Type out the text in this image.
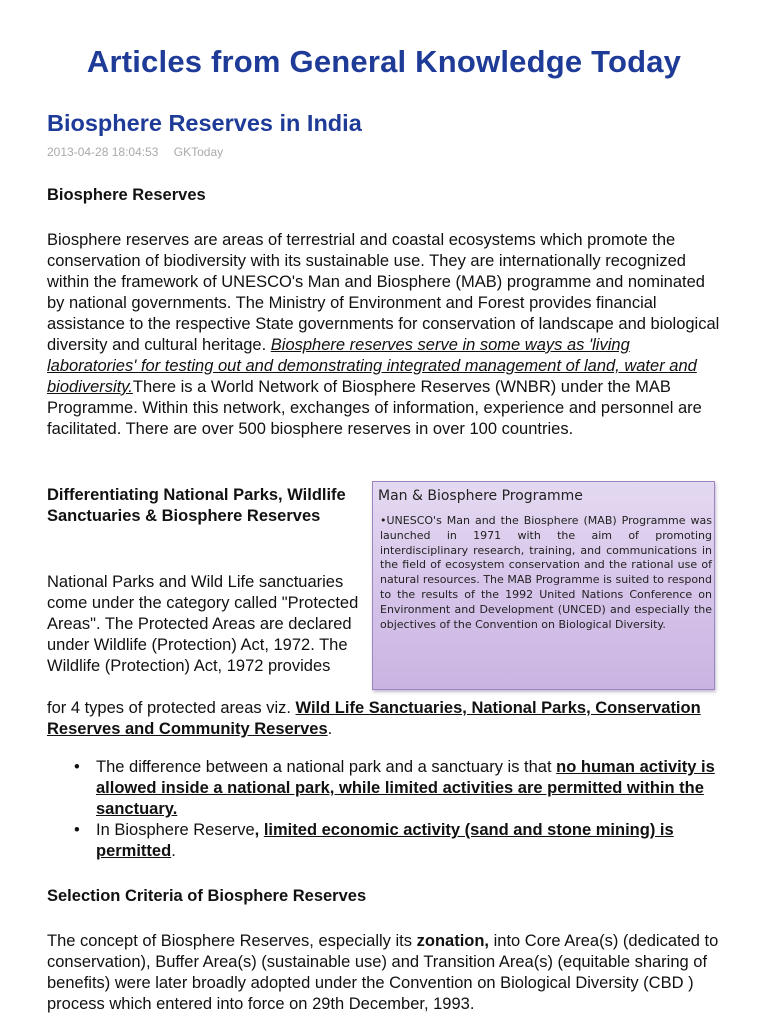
Articles from General Knowledge Today
Biosphere Reserves in India
2013-04-28 18:04:53 GKToday
Biosphere Reserves
Biosphere reserves are areas of terrestrial and coastal ecosystems which promote the conservation of biodiversity with its sustainable use. They are internationally recognized within the framework of UNESCO's Man and Biosphere (MAB) programme and nominated by national governments. The Ministry of Environment and Forest provides financial assistance to the respective State governments for conservation of landscape and biological diversity and cultural heritage. Biosphere reserves serve in some ways as 'living laboratories' for testing out and demonstrating integrated management of land, water and biodiversity.There is a World Network of Biosphere Reserves (WNBR) under the MAB Programme. Within this network, exchanges of information, experience and personnel are facilitated. There are over 500 biosphere reserves in over 100 countries.
Differentiating National Parks, Wildlife Sanctuaries & Biosphere Reserves
Man & Biosphere Programme
•UNESCO's Man and the Biosphere (MAB) Programme was launched in 1971 with the aim of promoting interdisciplinary research, training, and communications in the field of ecosystem conservation and the rational use of natural resources. The MAB Programme is suited to respond to the results of the 1992 United Nations Conference on Environment and Development (UNCED) and especially the objectives of the Convention on Biological Diversity.
National Parks and Wild Life sanctuaries come under the category called "Protected Areas". The Protected Areas are declared under Wildlife (Protection) Act, 1972. The Wildlife (Protection) Act, 1972 provides
for 4 types of protected areas viz. Wild Life Sanctuaries, National Parks, Conservation Reserves and Community Reserves.
• The difference between a national park and a sanctuary is that no human activity is allowed inside a national park, while limited activities are permitted within the sanctuary.
• In Biosphere Reserve, limited economic activity (sand and stone mining) is permitted.
Selection Criteria of Biosphere Reserves
The concept of Biosphere Reserves, especially its zonation, into Core Area(s) (dedicated to conservation), Buffer Area(s) (sustainable use) and Transition Area(s) (equitable sharing of benefits) were later broadly adopted under the Convention on Biological Diversity (CBD ) process which entered into force on 29th December, 1993.
